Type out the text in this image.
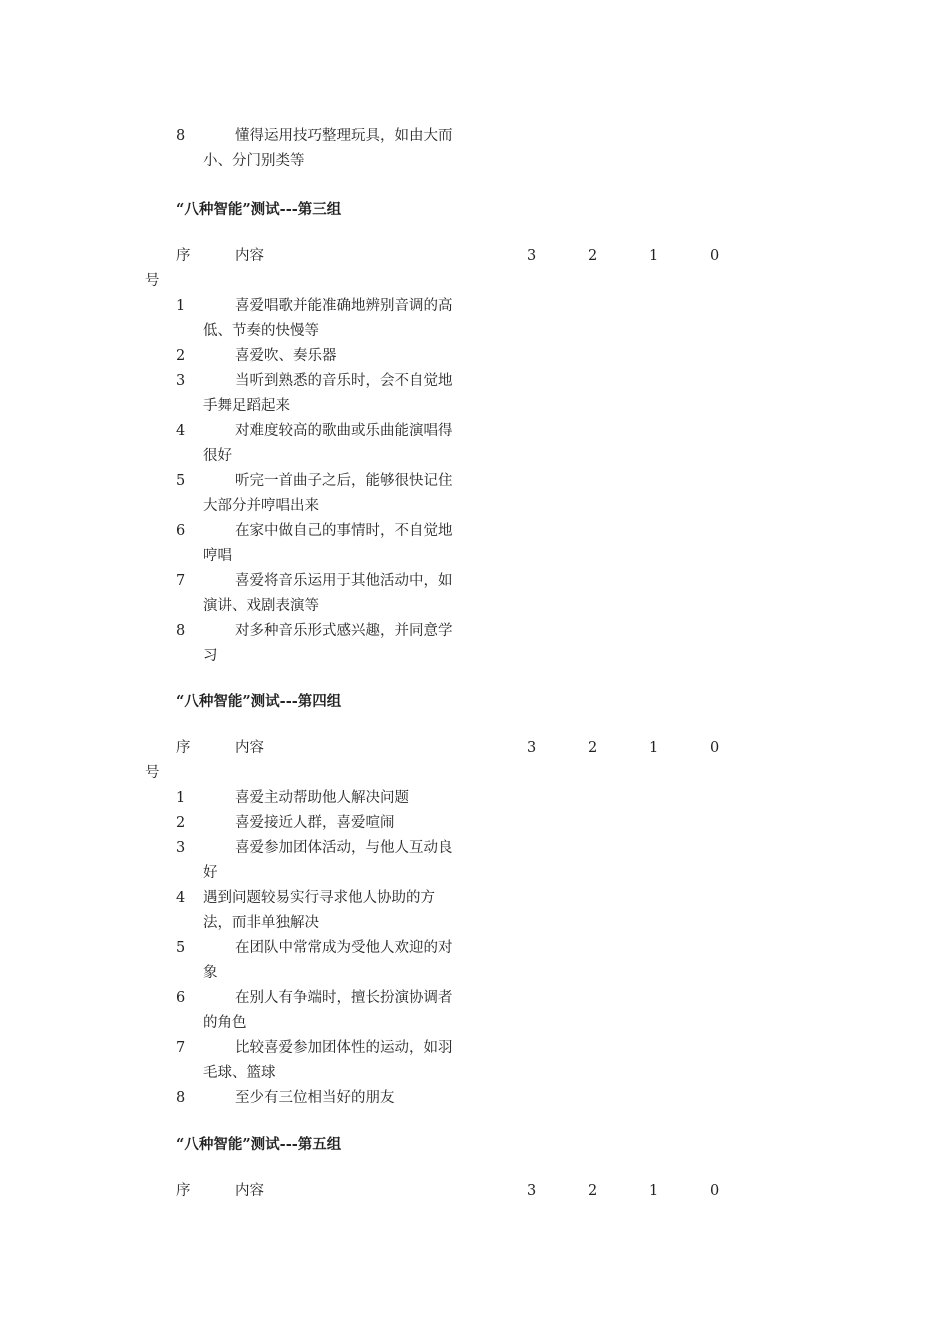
8	懂得运用技巧整理玩具，如由大而
小、分门别类等
“八种智能”测试---第三组
序	内容	3	2	1	0
号
1	喜爱唱歌并能准确地辨别音调的高
低、节奏的快慢等
2	喜爱吹、奏乐器
3	当听到熟悉的音乐时，会不自觉地
手舞足蹈起来
4	对难度较高的歌曲或乐曲能演唱得
很好
5	听完一首曲子之后，能够很快记住
大部分并哼唱出来
6	在家中做自己的事情时，不自觉地
哼唱
7	喜爱将音乐运用于其他活动中，如
演讲、戏剧表演等
8	对多种音乐形式感兴趣，并同意学
习
“八种智能”测试---第四组
序	内容	3	2	1	0
号
1	喜爱主动帮助他人解决问题
2	喜爱接近人群，喜爱喧闹
3	喜爱参加团体活动，与他人互动良
好
4 遇到问题较易实行寻求他人协助的方
法，而非单独解决
5	在团队中常常成为受他人欢迎的对
象
6	在别人有争端时，擅长扮演协调者
的角色
7	比较喜爱参加团体性的运动，如羽
毛球、篮球
8	至少有三位相当好的朋友
“八种智能”测试---第五组
序	内容	3	2	1	0
